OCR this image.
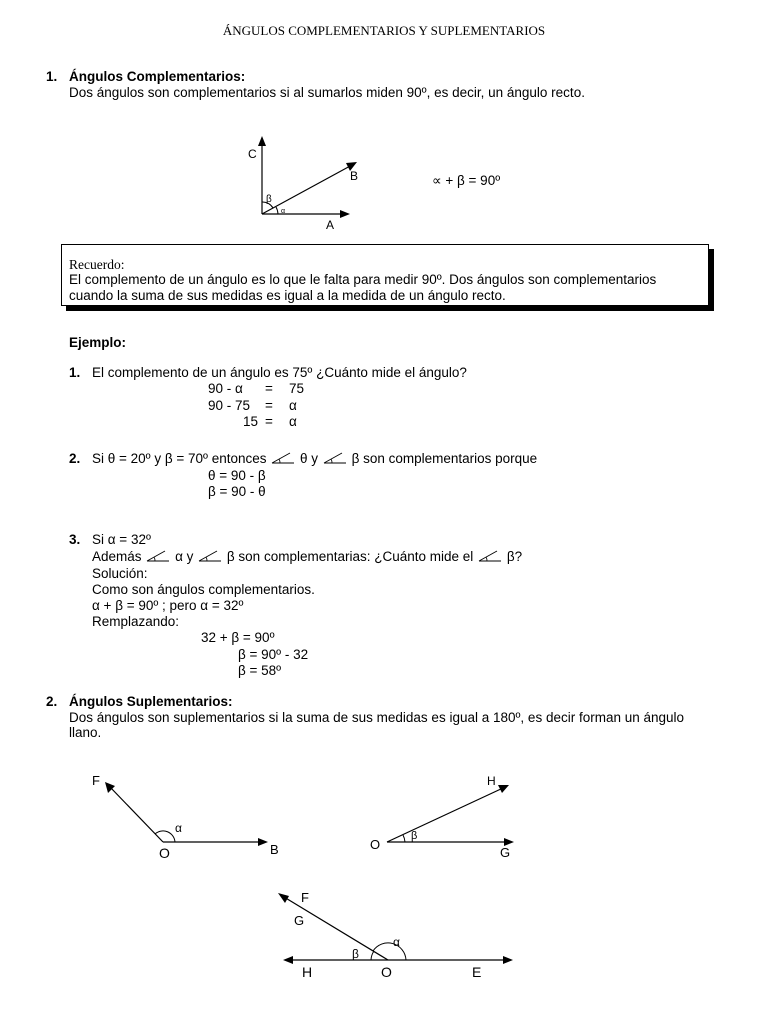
ÁNGULOS COMPLEMENTARIOS Y SUPLEMENTARIOS
1. Ángulos Complementarios:
Dos ángulos son complementarios si al sumarlos miden 90º, es decir, un ángulo recto.
C
B
A
β
α
∝ + β = 90º
Recuerdo:
El complemento de un ángulo es lo que le falta para medir 90º. Dos ángulos son complementarios
cuando la suma de sus medidas es igual a la medida de un ángulo recto.
Ejemplo:
1. El complemento de un ángulo es 75º ¿Cuánto mide el ángulo?
90 - α = 75
90 - 75 = α
15 = α
2. Si θ = 20º y β = 70º entonces θ y β son complementarios porque
θ = 90 - β
β = 90 - θ
3. Si α = 32º
Además α y β son complementarias: ¿Cuánto mide el β?
Solución:
Como son ángulos complementarios.
α + β = 90º ; pero α = 32º
Remplazando:
32 + β = 90º
β = 90º - 32
β = 58º
2. Ángulos Suplementarios:
Dos ángulos son suplementarios si la suma de sus medidas es igual a 180º, es decir forman un ángulo
llano.
F
O	B
α
O
H
G
β
F
G
H	O	E
α
β
